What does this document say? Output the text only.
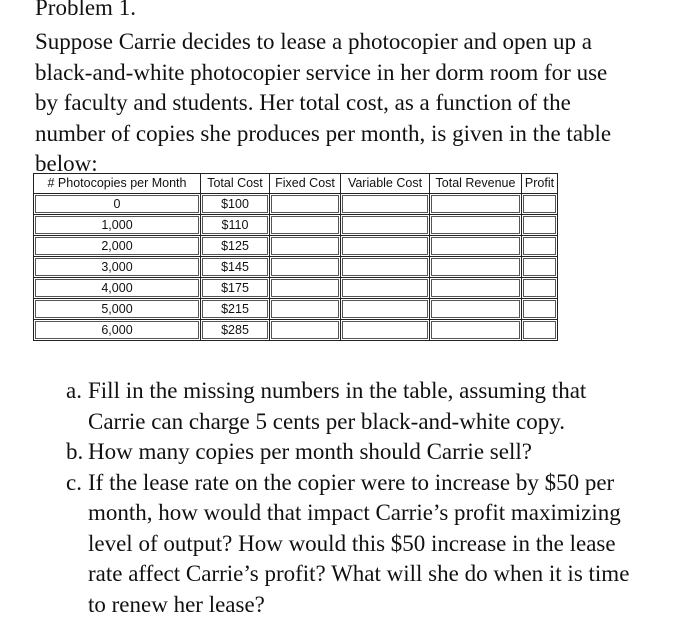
Problem 1.
Suppose Carrie decides to lease a photocopier and open up a
black-and-white photocopier service in her dorm room for use
by faculty and students. Her total cost, as a function of the
number of copies she produces per month, is given in the table
below:
# Photocopies per Month	Total Cost	Fixed Cost	Variable Cost	Total Revenue	Profit
0	$100				
1,000	$110				
2,000	$125				
3,000	$145				
4,000	$175				
5,000	$215				
6,000	$285				
a. Fill in the missing numbers in the table, assuming that
Carrie can charge 5 cents per black-and-white copy.
b. How many copies per month should Carrie sell?
c. If the lease rate on the copier were to increase by $50 per
month, how would that impact Carrie’s profit maximizing
level of output? How would this $50 increase in the lease
rate affect Carrie’s profit? What will she do when it is time
to renew her lease?
